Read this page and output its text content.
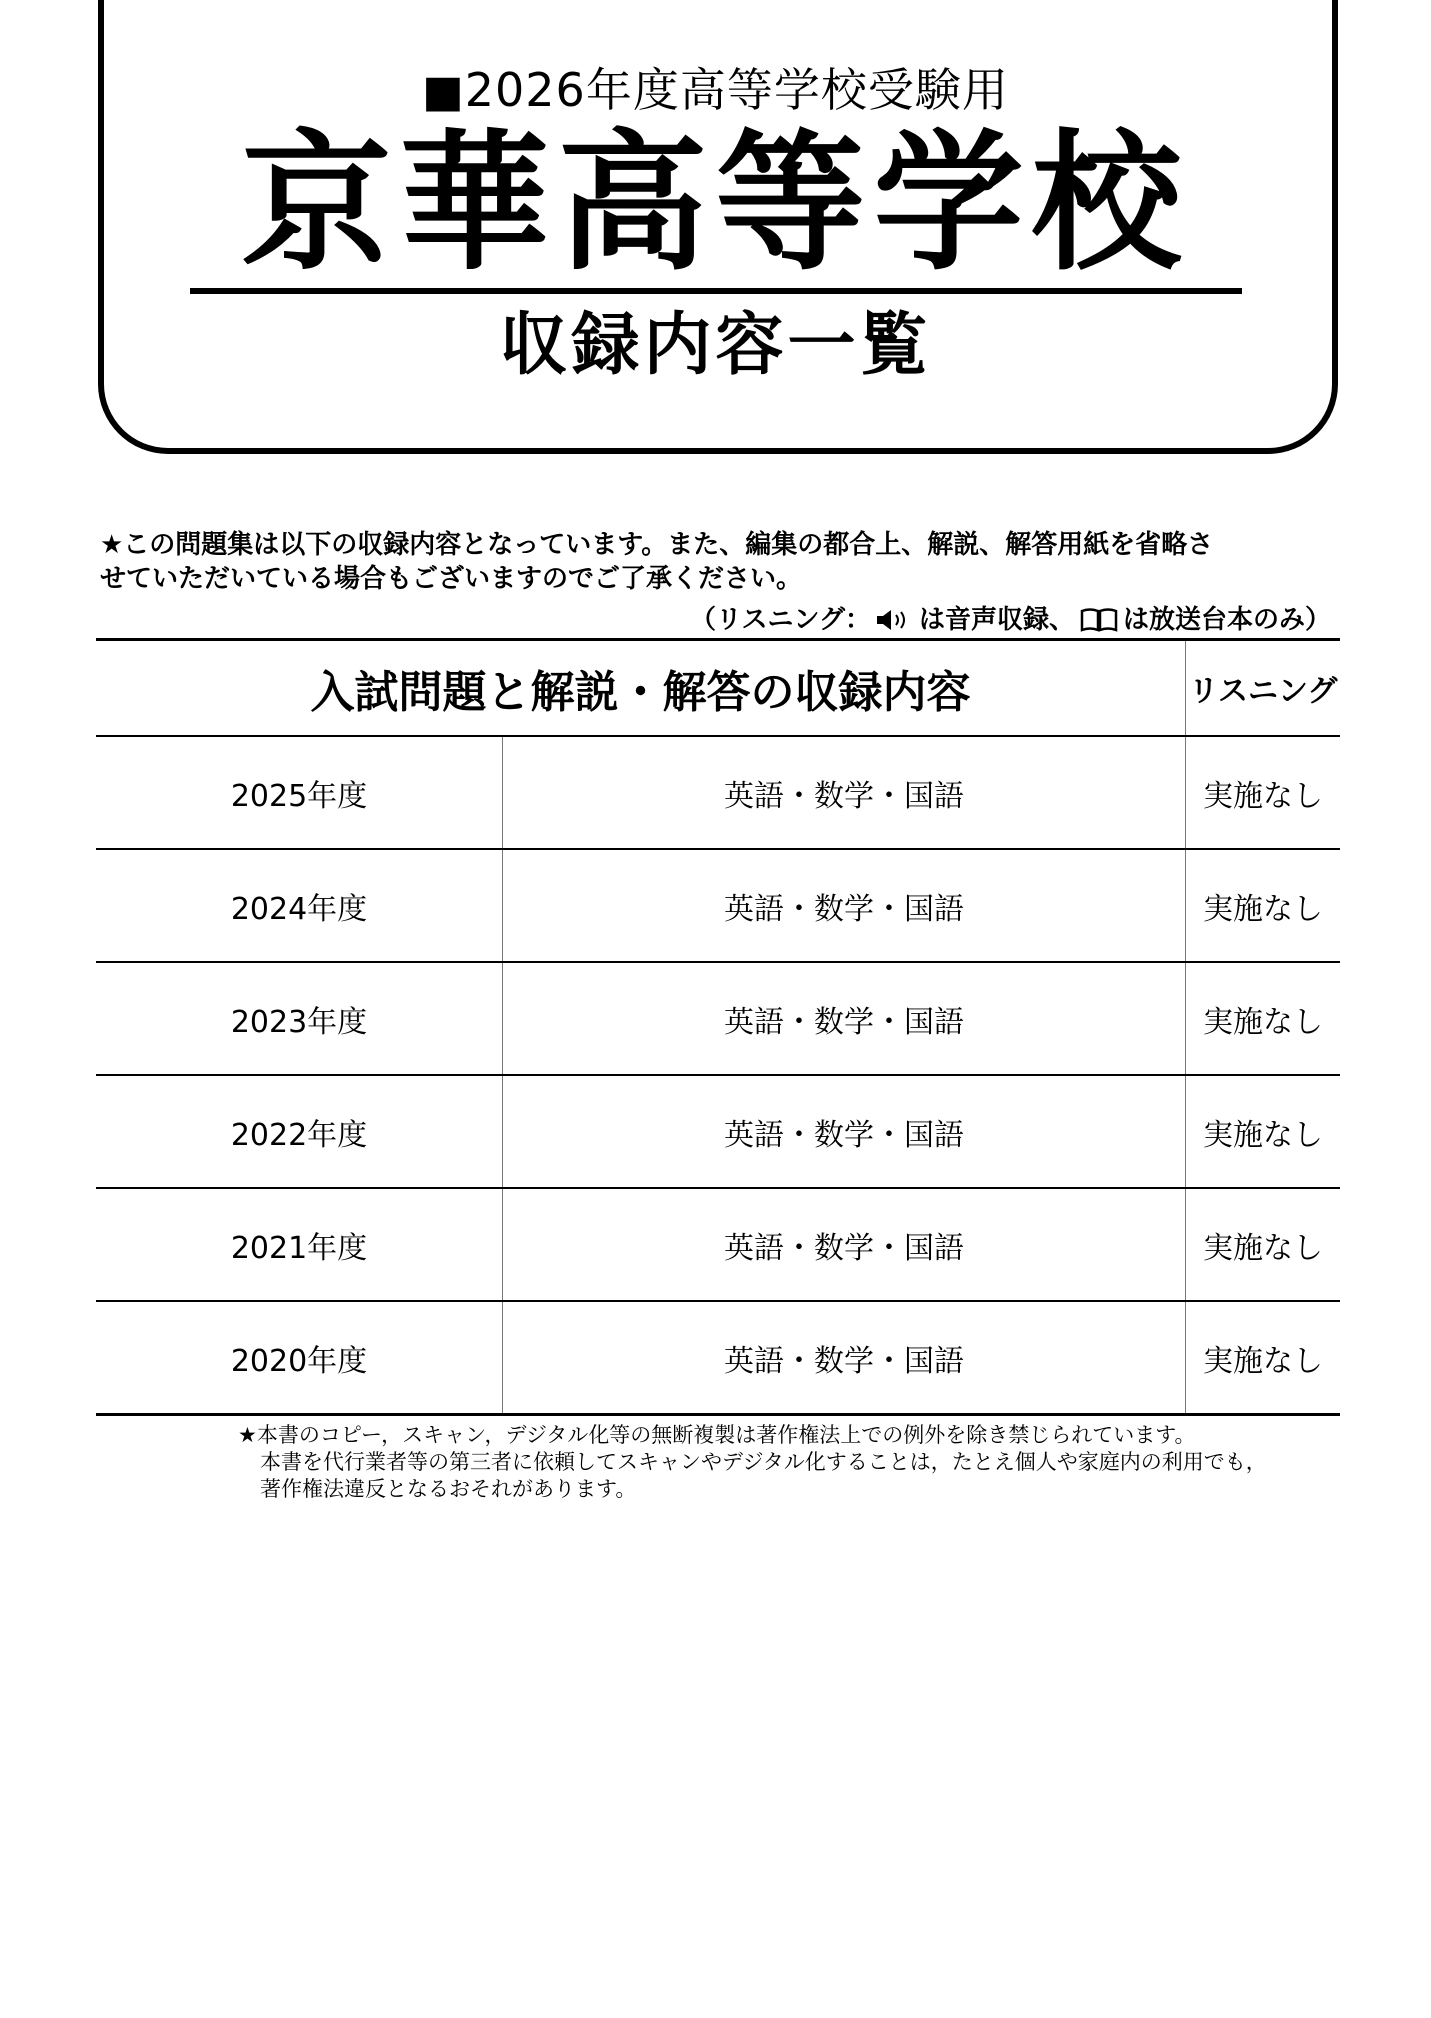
■2026年度高等学校受験用
京華高等学校
収録内容一覧

★この問題集は以下の収録内容となっています。また、編集の都合上、解説、解答用紙を省略さ

せていただいている場合もございますのでご了承ください。

（リスニング： は音声収録、 は放送台本のみ）
入試問題と解説・解答の収録内容		リスニング
2025年度	英語・数学・国語	実施なし
2024年度	英語・数学・国語	実施なし
2023年度	英語・数学・国語	実施なし
2022年度	英語・数学・国語	実施なし
2021年度	英語・数学・国語	実施なし
2020年度	英語・数学・国語	実施なし

★本書のコピー，スキャン，デジタル化等の無断複製は著作権法上での例外を除き禁じられています。

本書を代行業者等の第三者に依頼してスキャンやデジタル化することは，たとえ個人や家庭内の利用でも，

著作権法違反となるおそれがあります。
